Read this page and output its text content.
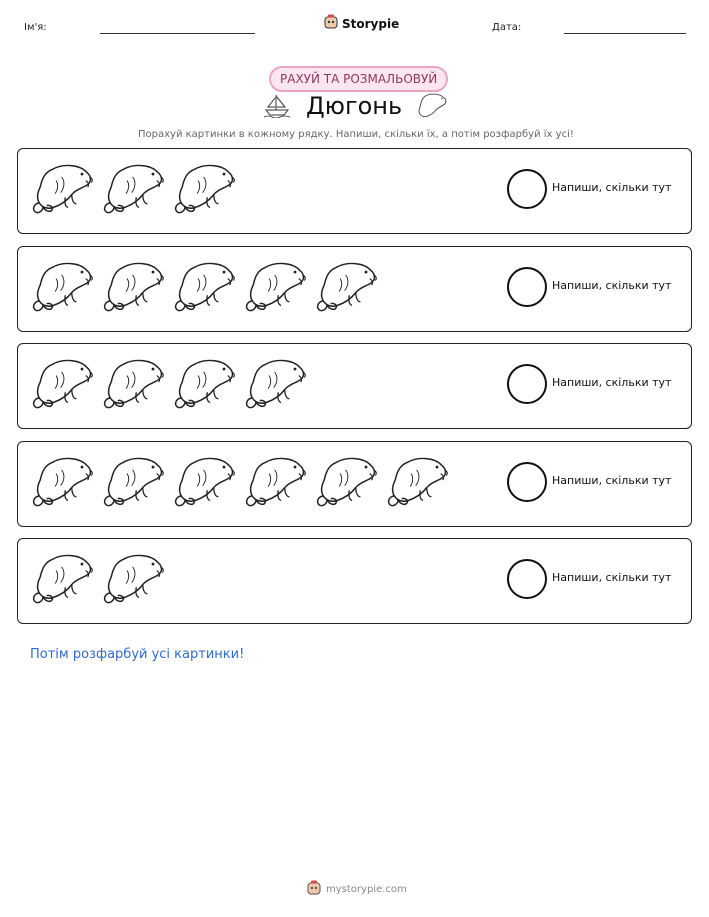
Ім'я:	Storypie	Дата:
РАХУЙ ТА РОЗМАЛЬОВУЙ
Дюгонь
Порахуй картинки в кожному рядку. Напиши, скільки їх, а потім розфарбуй їх усі!
Напиши, скільки тут
Напиши, скільки тут
Напиши, скільки тут
Напиши, скільки тут
Напиши, скільки тут
Потім розфарбуй усі картинки!
mystorypie.com
